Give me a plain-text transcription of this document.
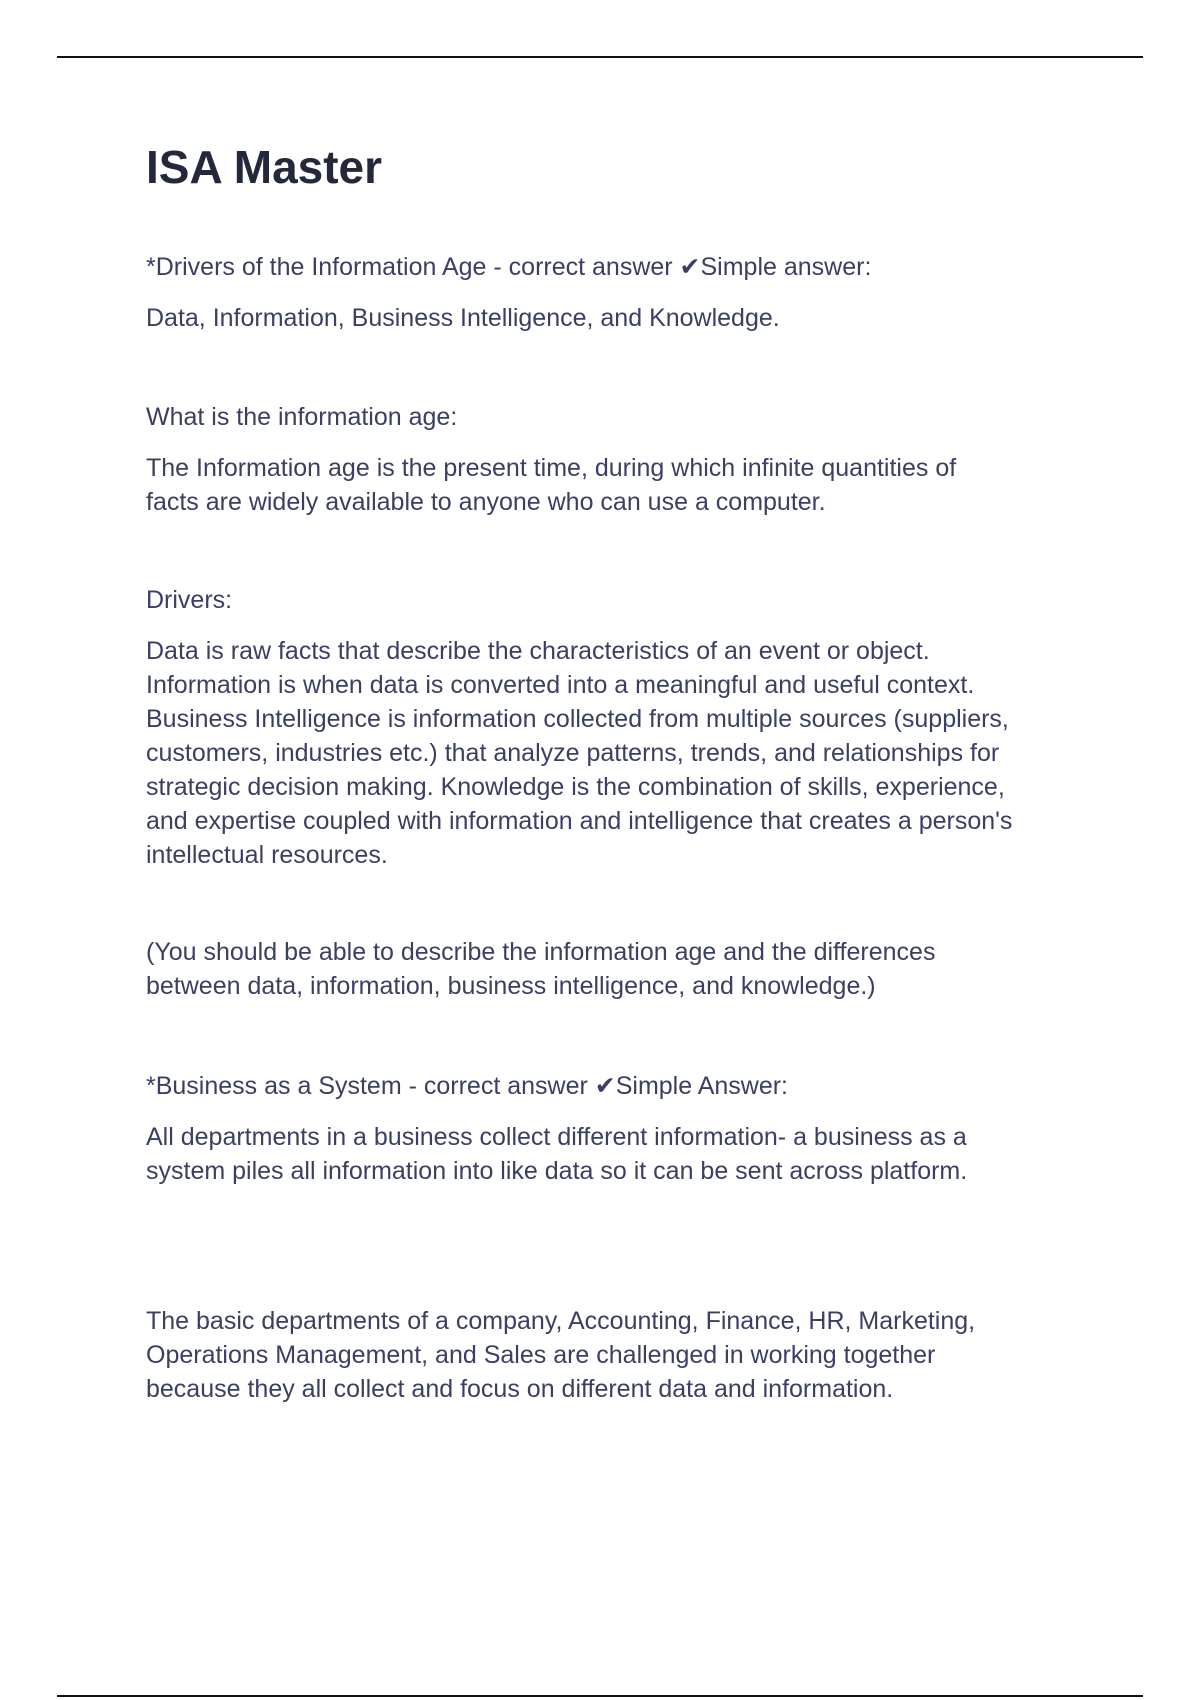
ISA Master

*Drivers of the Information Age - correct answer ✔Simple answer:

Data, Information, Business Intelligence, and Knowledge.

What is the information age:

The Information age is the present time, during which infinite quantities of
facts are widely available to anyone who can use a computer.

Drivers:

Data is raw facts that describe the characteristics of an event or object.
Information is when data is converted into a meaningful and useful context.
Business Intelligence is information collected from multiple sources (suppliers,
customers, industries etc.) that analyze patterns, trends, and relationships for
strategic decision making. Knowledge is the combination of skills, experience,
and expertise coupled with information and intelligence that creates a person's
intellectual resources.

(You should be able to describe the information age and the differences
between data, information, business intelligence, and knowledge.)

*Business as a System - correct answer ✔Simple Answer:

All departments in a business collect different information- a business as a
system piles all information into like data so it can be sent across platform.

The basic departments of a company, Accounting, Finance, HR, Marketing,
Operations Management, and Sales are challenged in working together
because they all collect and focus on different data and information.
